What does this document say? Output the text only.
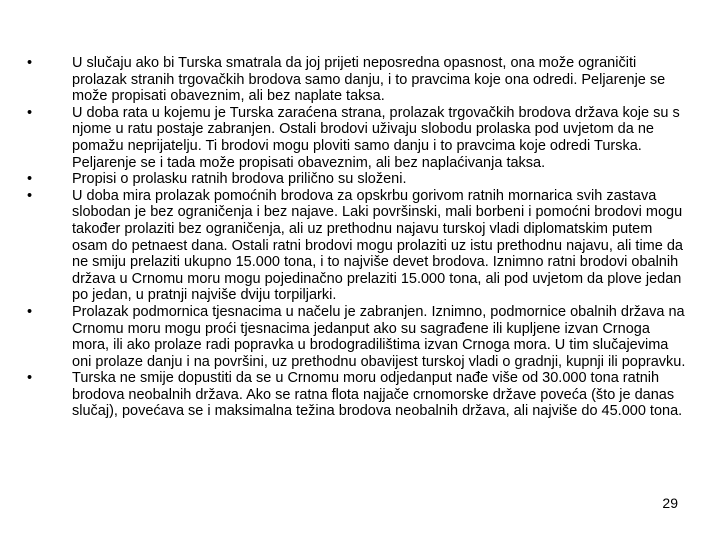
•	U slučaju ako bi Turska smatrala da joj prijeti neposredna opasnost, ona može ograničiti prolazak stranih trgovačkih brodova samo danju, i to pravcima koje ona odredi. Peljarenje se može propisati obaveznim, ali bez naplate taksa.
•	U doba rata u kojemu je Turska zaraćena strana, prolazak trgovačkih brodova država koje su s njome u ratu postaje zabranjen. Ostali brodovi uživaju slobodu prolaska pod uvjetom da ne pomažu neprijatelju. Ti brodovi mogu ploviti samo danju i to pravcima koje odredi Turska. Peljarenje se i tada može propisati obaveznim, ali bez naplaćivanja taksa.
•	Propisi o prolasku ratnih brodova prilično su složeni.
•	U doba mira prolazak pomoćnih brodova za opskrbu gorivom ratnih mornarica svih zastava slobodan je bez ograničenja i bez najave. Laki površinski, mali borbeni i pomoćni brodovi mogu također prolaziti bez ograničenja, ali uz prethodnu najavu turskoj vladi diplomatskim putem osam do petnaest dana. Ostali ratni brodovi mogu prolaziti uz istu prethodnu najavu, ali time da ne smiju prelaziti ukupno 15.000 tona, i to najviše devet brodova. Iznimno ratni brodovi obalnih država u Crnomu moru mogu pojedinačno prelaziti 15.000 tona, ali pod uvjetom da plove jedan po jedan, u pratnji najviše dviju torpiljarki.
•	Prolazak podmornica tjesnacima u načelu je zabranjen. Iznimno, podmornice obalnih država na Crnomu moru mogu proći tjesnacima jedanput ako su sagrađene ili kupljene izvan Crnoga mora, ili ako prolaze radi popravka u brodogradilištima izvan Crnoga mora. U tim slučajevima oni prolaze danju i na površini, uz prethodnu obavijest turskoj vladi o gradnji, kupnji ili popravku.
•	Turska ne smije dopustiti da se u Crnomu moru odjedanput nađe više od 30.000 tona ratnih brodova neobalnih država. Ako se ratna flota najjače crnomorske države poveća (što je danas slučaj), povećava se i maksimalna težina brodova neobalnih država, ali najviše do 45.000 tona.
29
